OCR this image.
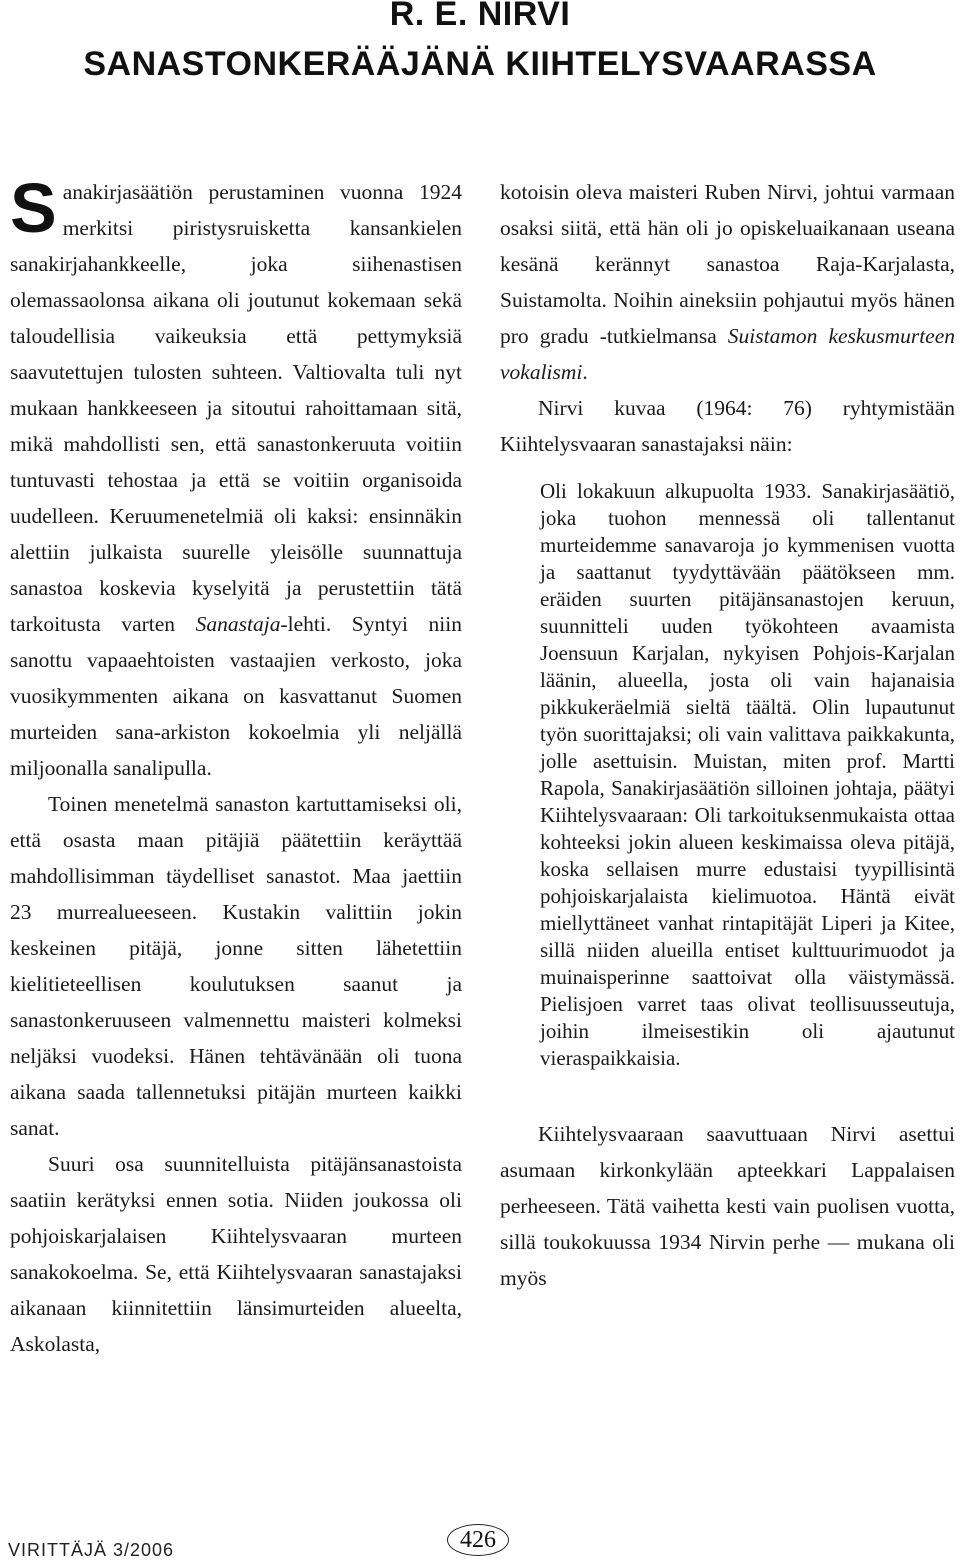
R. E. NIRVI
SANASTONKERÄÄJÄNÄ KIIHTELYSVAARASSA

Sanakirjasäätiön perustaminen vuonna 1924 merkitsi piristysruisketta kansankielen sanakirjahankkeelle, joka siihenastisen olemassaolonsa aikana oli joutunut kokemaan sekä taloudellisia vaikeuksia että pettymyksiä saavutettujen tulosten suhteen. Valtiovalta tuli nyt mukaan hankkeeseen ja sitoutui rahoittamaan sitä, mikä mahdollisti sen, että sanastonkeruuta voitiin tuntuvasti tehostaa ja että se voitiin organisoida uudelleen. Keruumenetelmiä oli kaksi: ensinnäkin alettiin julkaista suurelle yleisölle suunnattuja sanastoa koskevia kyselyitä ja perustettiin tätä tarkoitusta varten Sanastaja-lehti. Syntyi niin sanottu vapaaehtoisten vastaajien verkosto, joka vuosikymmenten aikana on kasvattanut Suomen murteiden sana-arkiston kokoelmia yli neljällä miljoonalla sanalipulla.

Toinen menetelmä sanaston kartuttamiseksi oli, että osasta maan pitäjiä päätettiin keräyttää mahdollisimman täydelliset sanastot. Maa jaettiin 23 murrealueeseen. Kustakin valittiin jokin keskeinen pitäjä, jonne sitten lähetettiin kielitieteellisen koulutuksen saanut ja sanastonkeruuseen valmennettu maisteri kolmeksi neljäksi vuodeksi. Hänen tehtävänään oli tuona aikana saada tallennetuksi pitäjän murteen kaikki sanat.

Suuri osa suunnitelluista pitäjänsanastoista saatiin kerätyksi ennen sotia. Niiden joukossa oli pohjoiskarjalaisen Kiihtelysvaaran murteen sanakokoelma. Se, että Kiihtelysvaaran sanastajaksi aikanaan kiinnitettiin länsimurteiden alueelta, Askolasta,

kotoisin oleva maisteri Ruben Nirvi, johtui varmaan osaksi siitä, että hän oli jo opiskeluaikanaan useana kesänä kerännyt sanastoa Raja-Karjalasta, Suistamolta. Noihin aineksiin pohjautui myös hänen pro gradu -tutkielmansa Suistamon keskusmurteen vokalismi.

Nirvi kuvaa (1964: 76) ryhtymistään Kiihtelysvaaran sanastajaksi näin:

Oli lokakuun alkupuolta 1933. Sanakirjasäätiö, joka tuohon mennessä oli tallentanut murteidemme sanavaroja jo kymmenisen vuotta ja saattanut tyydyttävään päätökseen mm. eräiden suurten pitäjänsanastojen keruun, suunnitteli uuden työkohteen avaamista Joensuun Karjalan, nykyisen Pohjois-Karjalan läänin, alueella, josta oli vain hajanaisia pikkukeräelmiä sieltä täältä. Olin lupautunut työn suorittajaksi; oli vain valittava paikkakunta, jolle asettuisin. Muistan, miten prof. Martti Rapola, Sanakirjasäätiön silloinen johtaja, päätyi Kiihtelysvaaraan: Oli tarkoituksenmukaista ottaa kohteeksi jokin alueen keskimaissa oleva pitäjä, koska sellaisen murre edustaisi tyypillisintä pohjoiskarjalaista kielimuotoa. Häntä eivät miellyttäneet vanhat rintapitäjät Liperi ja Kitee, sillä niiden alueilla entiset kulttuurimuodot ja muinaisperinne saattoivat olla väistymässä. Pielisjoen varret taas olivat teollisuusseutuja, joihin ilmeisestikin oli ajautunut vieraspaikkaisia.

Kiihtelysvaaraan saavuttuaan Nirvi asettui asumaan kirkonkylään apteekkari Lappalaisen perheeseen. Tätä vaihetta kesti vain puolisen vuotta, sillä toukokuussa 1934 Nirvin perhe — mukana oli myös

VIRITTÄJÄ 3/2006	426
